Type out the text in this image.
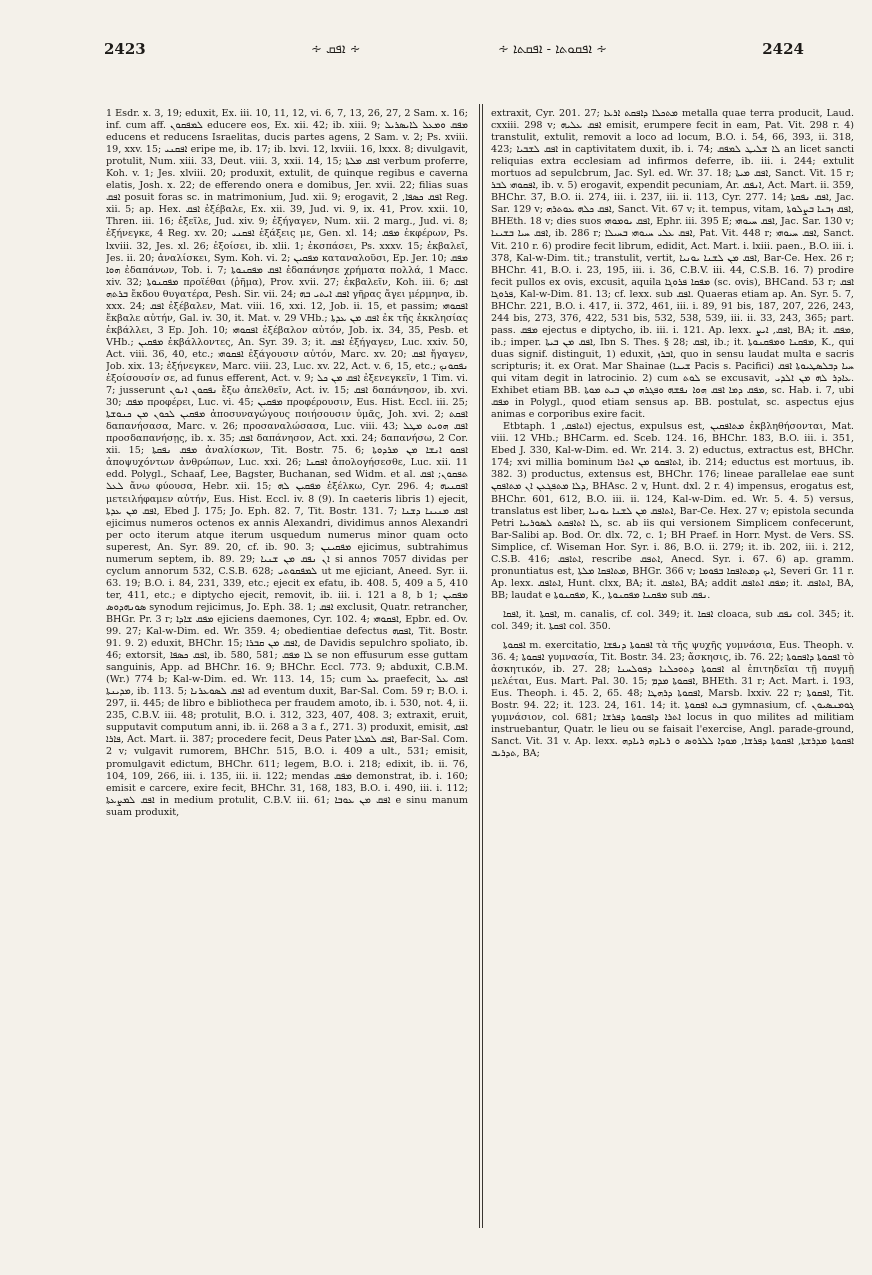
2423	∻ ܐܦܩ ∻	∻ ܐܦܩܘܬܐ - ܐܦܩܬܐ ∻	2424

1 Esdr. x. 3, 19; eduxit, Ex. iii. 10, 11, 12, vi. 6, 7, 13, 26, 27, 2 Sam. x. 16; inf. cum aff. ܠܡܦܩܘܢ educere eos, Ex. xii. 42; ib. xiii. 9; ܡܦܩ ܘܡܥܠ ܠܐܝܣܪܝܠ educens et reducens Israelitas, ducis partes agens, 2 Sam. v. 2; Ps. xviii. 19, xxv. 15; ܐܦܩܢܝ eripe me, ib. 17; ib. lxvi. 12, lxviii. 16, lxxx. 8; divulgavit, protulit, Num. xiii. 33, Deut. viii. 3, xxii. 14, 15; ܐܦܩ ܡܠܬܐ verbum proferre, Koh. v. 1; Jes. xlviii. 20; produxit, extulit, de quinque regibus e caverna elatis, Josh. x. 22; de efferendo onera e domibus, Jer. xvii. 22; filias suas ܐܦܩ posuit foras sc. in matrimonium, Jud. xii. 9; erogavit, ܐܦܩ ܟܣܦܐ, 2 Reg. xii. 5; ap. Hex. ܐܦܩ ἐξέβαλε, Ex. xii. 39, Jud. vi. 9, ix. 41, Prov. xxii. 10, Thren. iii. 16; ἐξεῖλε, Jud. xiv. 9; ἐξήγαγεν, Num. xii. 2 marg., Jud. vi. 8; ἐξήνεγκε, 4 Reg. xv. 20; ܐܦܩܢܝ ἐξάξεις με, Gen. xl. 14; ܡܦܩ ἐκφέρων, Ps. lxviii. 32, Jes. xl. 26; ἐξοίσει, ib. xlii. 1; ἐκσπάσει, Ps. xxxv. 15; ἐκβαλεῖ, Jes. ii. 20; ἀναλίσκει, Sym. Koh. vi. 2; ܡܦܩܝܢ καταναλοῦσι, Ep. Jer. 10; ܡܦܩ ܗܘܐ ἐδαπάνων, Tob. i. 7; ܐܦܩ ܡܦܩܢܘܬܐ ἐδαπάνησε χρήματα πολλά, 1 Macc. xiv. 32; ܡܦܩܢܘܬܐ προϊέθαι (ῥῆμα), Prov. xvii. 27; ἐκβαλεῖν, Koh. iii. 6; ܐܦܩ ܒܪܬܗ ἔκδου θυγατέρα, Pesh. Sir. vii. 24; ܐܦܩ ܐܝܬܝ ܒܗ γῆρας ἄγει μέρμηνα, ib. xxx. 24; ܐܦܩ ἐξέβαλεν, Mat. viii. 16, xxi. 12, Job. ii. 15, et passim; ܐܦܩܘܗܝ ἔκβαλε αὐτήν, Gal. iv. 30, it. Mat. v. 29 VHb.; ܐܦܩ ܡܢ ܥܕܬܐ ἐκ τῆς ἐκκλησίας ἐκβάλλει, 3 Ep. Joh. 10; ܐܦܩܘܗܝ ἐξέβαλον αὐτόν, Job. ix. 34, 35, Pesb. et VHb.; ܡܦܩܝܢ ἐκβάλλοντες, An. Syr. 39. 3; it. ܐܦܩ ἐξήγαγεν, Luc. xxiv. 50, Act. viii. 36, 40, etc.; ܐܦܩܘܗܝ ἐξάγουσιν αὐτόν, Marc. xv. 20; ܐܦܩ ἤγαγεν, Job. xix. 13; ἐξήνεγκεν, Marc. viii. 23, Luc. xv. 22, Act. v. 6, 15, etc.; ܢܦܩܘܢܟ ἐξοίσουσίν σε, ad funus efferent, Act. v. 9; ܐܦܩ ܡܢ ܟܠ ἐξενεγκεῖν, 1 Tim. vi. 7; jusserunt ܢܦܩܘܢ ܐܢܘܢ ἔξω ἀπελθεῖν, Act. iv. 15; ܐܦܩ δαπάνησον, ib. xvi. 30; ܡܦܩ προφέρει, Luc. vi. 45; ܡܦܩܝܢ προφέρουσιν, Eus. Hist. Eccl. iii. 25; ܡܦܩܝܢ ܠܟܘܢ ܡܢ ܟܢܘܫܬܐ ἀποσυναγώγους ποιήσουσιν ὑμᾶς, Joh. xvi. 2; ܐܦܩܬ δαπανήσασα, Marc. v. 26; προσαναλώσασα, Luc. viii. 43; ܐܦܩ ܗܘܝܬ ܡܛܠ προσδαπανήσῃς, ib. x. 35; ܐܦܩ δαπάνησον, Act. xxi. 24; δαπανήσω, 2 Cor. xii. 15; ܡܦܩ ܢܦܩܬܐ ἀναλίσκων, Tit. Bostr. 75. 6; ܐܦܩܘ ܐܢܫܐ ܡܢ ܡܪܕܘܬܐ ἀποψυχόντων ἀνθρώπων, Luc. xxi. 26; ܐܦܩܢܐ ἀπολογήσεσθε, Luc. xii. 11 edd. Polygl., Schaaf, Lee, Bagster, Buchanan, sed Widm. et al. ܬܦܩܘܢ; ܐܦܩ ܠܥܠ ἄνω φύουσα, Hebr. xii. 15; ܡܦܩܝܢ ܠܗ ἐξέλκω, Cyr. 296. 4; ܐܦܩܢܝܗ μετειλήφαμεν αὐτήν, Eus. Hist. Eccl. iv. 8 (9). In caeteris libris 1) ejecit, ܐܦܩ ܡܢ ܥܕܬܐ, Ebed J. 175; Jo. Eph. 82. 7, Tit. Bostr. 131. 7; ܐܦܩ ܡܢܝܢܐ ܕܫܢܐ ejicimus numeros octenos ex annis Alexandri, dividimus annos Alexandri per octo iterum atque iterum usquedum numerus minor quam octo superest, An. Syr. 89. 20, cf. ib. 90. 3; ܡܦܩܝܢܢ ejicimus, subtrahimus numerum septem, ib. 89. 29; ܐܢ ܢܦܩ ܡܢ ܫܢܝܐ si annos 7057 dividas per cyclum annorum 532, C.S.B. 628; ܠܡܦܩܘܬܝ ut me ejiciant, Aneed. Syr. ii. 63. 19; B.O. i. 84, 231, 339, etc.; ejecit ex efatu, ib. 408. 5, 409 a 5, 410 ter, 411, etc.; e diptycho ejecit, removit, ib. iii. i. 121 a 8, b 1; ܡܦܩܝܢ ܣܘܢܗܕܘܣ synodum rejicimus, Jo. Eph. 38. 1; ܐܦܩ exclusit, Quatr. retrancher, BHGr. Pr. 3 r; ܡܦܩ ܫܐܕܐ ejiciens daemones, Cyr. 102. 4; ܐܦܩܘܗܝ, Epbr. ed. Ov. 99. 27; Kal-w-Dim. ed. Wr. 359. 4; obedientiae defectus ܐܦܩܗ, Tit. Bostr. 91. 9. 2) eduxit, BHChr. 15; ܐܦܩ ܡܢ ܩܒܪܐ, de Davidis sepulchro spoliato, ib. 46; extorsit, ܐܦܩ ܟܣܦܐ, ib. 580, 581; ܠܐ ܡܦܩ se non effusurum esse guttam sanguinis, App. ad BHChr. 16. 9; BHChr. Eccl. 773. 9; abduxit, C.B.M. (Wr.) 774 b; Kal-w-Dim. ed. Wr. 113. 14, 15; cum ܥܠ praefecit, ܐܦܩ ܥܠ ܡܕܝܢܬܐ, ib. 113. 5; ܐܦܩ ܠܣܘܥܪܢܐ ad eventum duxit, Bar-Sal. Com. 59 r; B.O. i. 297, ii. 445; de libro e bibliotheca per fraudem amoto, ib. i. 530, not. 4, ii. 235, C.B.V. iii. 48; protulit, B.O. i. 312, 323, 407, 408. 3; extraxit, eruit, supputavit computum anni, ib. ii. 268 a 3 a f., 271. 3) produxit, emisit, ܐܦܩ ܦܐܪܐ, Act. Mart. ii. 387; procedere fecit, Deus Pater ܐܦܩ ܠܡܠܬܐ, Bar-Sal. Com. 2 v; vulgavit rumorem, BHChr. 515, B.O. i. 409 a ult., 531; emisit, promulgavit edictum, BHChr. 611; legem, B.O. i. 218; edixit, ib. ii. 76, 104, 109, 266, iii. i. 135, iii. ii. 122; mendas ܡܦܩ demonstrat, ib. i. 160; emisit e carcere, exire fecit, BHChr. 31, 168, 183, B.O. i. 490, iii. i. 112; ܐܦܩ ܠܡܨܥܬܐ in medium protulit, C.B.V. iii. 61; ܐܦܩ ܡܢ ܥܘܒܐ e sinu manum suam produxit,

extraxit, Cyr. 201. 27; ܡܬܟܠܐ ܕܐܦܩܬ ܐܪܥܐ metalla quae terra producit, Laud. cxxiii. 298 v; ܐܦܩ ܥܠܝܗ emisit, erumpere fecit in eam, Pat. Vit. 298 r. 4) transtulit, extulit, removit a loco ad locum, B.O. i. 54, 66, 393, ii. 318, 423; ܐܦܩ ܠܫܒܝܐ in captivitatem duxit, ib. i. 74; ܠܐ ܫܠܝܛ ܠܡܦܩ an licet sancti reliquias extra ecclesiam ad infirmos deferre, ib. iii. i. 244; extulit mortuos ad sepulcbrum, Jac. Syl. ed. Wr. 37. 18; ܐܦܩ ܡܝܬܐ, Sanct. Vit. 15 r; ܐܦܩܘܗܝ ܠܒܪ, ib. v. 5) erogavit, expendit pecuniam, Ar. ܐܢܦܩ, Act. Mart. ii. 359, BHChr. 37, B.O. ii. 274, iii. i. 237, iii. ii. 113, Cyr. 277. 14; ܐܦܩ ܢܦܩܬܐ, Jac. Sar. 129 v; ܐܦܩ ܟܠܗ ܥܘܬܪܗ, Sanct. Vit. 67 v; it. tempus, vitam, ܐܦܩ ܙܒܢܐ ܒܨܠܘܬܐ, BHEth. 18 v; dies suos ܐܦܩ ܝܘܡܘܗܝ, Ephr. iii. 395 E; ܐܦܩ ܚܝܘܗܝ, Jac. Sar. 130 v; ܐܦܩ ܚܝܐ ܒܫܝܢܐ, ib. 286 r; ܐܦܩ ܥܠܝ ܚܝܘܗܝ ܒܚܝܠܐ, Pat. Vit. 448 r; ܐܦܩ ܚܝܘܗܝ, Sanct. Vit. 210 r. 6) prodire fecit librum, edidit, Act. Mart. i. lxiii. paen., B.O. iii. i. 378, Kal-w-Dim. tit.; transtulit, vertit, ܐܦܩ ܡܢ ܠܫܢܐ ܝܘܢܝܐ, Bar-Ce. Hex. 26 r; BHChr. 41, B.O. i. 23, 195, iii. i. 36, C.B.V. iii. 44, C.S.B. 16. 7) prodire fecit pullos ex ovis, excusit, aquila ܡܦܩܐ ܦܪܘܓܐ (sc. ovis), BHCand. 53 r; ܐܦܩ ܦܪܘܓܐ, Kal-w-Dim. 81. 13; cf. lexx. sub ܐܦܩ. Quaeras etiam ap. An. Syr. 5. 7, BHChr. 221, B.O. i. 417, ii. 372, 461, iii. i. 89, 91 bis, 187, 207, 226, 243, 244 bis, 273, 376, 422, 531 bis, 532, 538, 539, iii. ii. 33, 243, 365; part. pass. ܡܦܩ ejectus e diptycho, ib. iii. i. 121. Ap. lexx. ܐܦܩ, ܐܝܨ, BA; it. ܡܦܩ, ib.; imper. ܐܦܩ ܡܢ ܒܝܬܐ, Ibn S. Thes. § 28; ܐܦܩ, ib.; it. ܡܦܩܢܐ ܘܡܦܩܢܘܬܐ, K., qui duas signif. distinguit, 1) eduxit, ܐܒܪܙ, quo in sensu laudat multa e sacris scripturis; it. ex Orat. Mar Shainae (ܫܝܢܐ Pacis s. Pacifici) ܚܝܐ ܕܒܠܣܛܝܘܬܐ ܐܦܩ qui vitam degit in latrocinio. 2) cum ܠܘܬ se excusavit, ܥܐܕܪ ܠܗ ܡܢ ܐܠܕܝ. Exhibet etiam BB. ܡܦܩ ܕܡܐ ܐܦܩ ܗܘܐ ܢܦܫܗ ܘܦܓܪܗ ܡܢ ܒܝܬ ܡܘܬܐ, sc. Hab. i. 7, ubi ܡܦܩ in Polygl., quod etiam sensus ap. BB. postulat, sc. aspectus ejus animas e corporibus exire facit.

Etbtaph. ܐܬܐܦܩ, 1) ejectus, expulsus est, ܡܬܐܦܩܝܢ ἐκβληθήσονται, Mat. viii. 12 VHb.; BHCarm. ed. Sceb. 124. 16, BHChr. 183, B.O. iii. i. 351, Ebed J. 330, Kal-w-Dim. ed. Wr. 214. 3. 2) eductus, extractus est, BHChr. 174; xvi millia bominum ܐܬܐܦܩܘ ܡܢ ܐܬܪܐ, ib. 214; eductus est mortuus, ib. 382. 3) productus, extensus est, BHChr. 176; lineae parallelae eae sunt ܕܠܐ ܡܬܦܓܥܢ ܐܢ ܡܬܐܦܩܢ, BHAsc. 2 v, Hunt. dxl. 2 r. 4) impensus, erogatus est, BHChr. 601, 612, B.O. iii. ii. 124, Kal-w-Dim. ed. Wr. 5. 4. 5) versus, translatus est liber, ܐܬܐܦܩ ܡܢ ܠܫܢܐ ܝܘܢܝܐ, Bar-Ce. Hex. 27 v; epistola secunda Petri ܠܐ ܐܬܐܦܩܬ ܠܣܘܪܝܝܐ, sc. ab iis qui versionem Simplicem confecerunt, Bar-Salibi ap. Bod. Or. dlx. 72, c. 1; BH Praef. in Horr. Myst. de Vers. SS. Simplice, cf. Wiseman Hor. Syr. i. 86, B.O. ii. 279; it. ib. 202, iii. i. 212, C.S.B. 416; ܐܬܐܦܩ, rescribe ܐܬܦܩ, Anecd. Syr. i. 67. 6) ap. gramm. pronuntiatus est, ܡܬܐܦܩܐ ܡܠܬܐ, BHGr. 366 v; ܐܝܟ ܕܡܬܐܦܩܐ ܒܦܘܡܐ, Severi Gr. 11 r. Ap. lexx. ܐܬܐܦܩ, Hunt. clxx, BA; it. ܐܬܐܦܩ, BA; addit ܡܦܩ ܐܬܐܦܩ; it. ܐܬܐܦܩ, BA, BB; laudat e ܡܦܩܢܘܬܐ, K., ܡܦܩܢܐ ܡܦܩܢܘܬܐ sub ܢܦܩ.

ܐܦܩܐ, it. ܐܦܩܬܐ, m. canalis, cf. col. 349; it. ܐܦܩܐ cloaca, sub ܢܦܩ col. 345; it. col. 349; it. ܐܦܩܬܐ col. 350.

ܐܦܩܘܬܐ m. exercitatio, ܐܦܩܘܬܐ ܕܢܦܫܐ τὰ τῆς ψυχῆς γυμνάσια, Eus. Theoph. v. 36. 4; ܐܦܩܘܬܐ γυμνασία, Tit. Bostr. 34. 23; ἄσκησις, ib. 76. 22; ܐܦܩܘܬܐ ܕܐܦܩܘܬܐ τὸ ἀσκητικόν, ib. 27. 28; ܐܦܩܘܬܐ ܕܬܘܟܠܢܐ ܕܦܘܠܚܢܐ al ἐπιτηδεῖαι τῇ πυγμῇ μελέται, Eus. Mart. Pal. 30. 15; ܐܦܩܘܬܐ ܡܕܡ, BHEth. 31 r; Act. Mart. i. 193, Eus. Theoph. i. 45. 2, 65. 48; ܐܦܩܘܬܐ ܕܪܗܛܐ, Marsb. lxxiv. 22 r; ܐܦܩܘܬܐ, Tit. Bostr. 94. 22; it. 123. 24, 161. 14; it. ܒܝܬ ܐܦܩܘܬܐ gymnasium, cf. ܓܘܡܢܣܝܘܢ γυμνάσιον, col. 681; ܐܬܪܐ ܕܐܦܩܘܬܐ ܕܦܪܫܐ locus in quo milites ad militiam instruebantur, Quatr. le lieu ou se faisait l'exercise, Angl. parade-ground, Sanct. Vit. 31 v. Ap. lexx. ܐܦܩܘܬܐ ܡܕܪܫܬܐ, ܐܦܩܘܬܐ ܕܦܪܫܐ, ܡܘܕܐ ܠܠܪܘܣ ܘ ܪܝܐܕܗ ܪܝܐܕܗ ܬܕܪܝܒ, BA;
